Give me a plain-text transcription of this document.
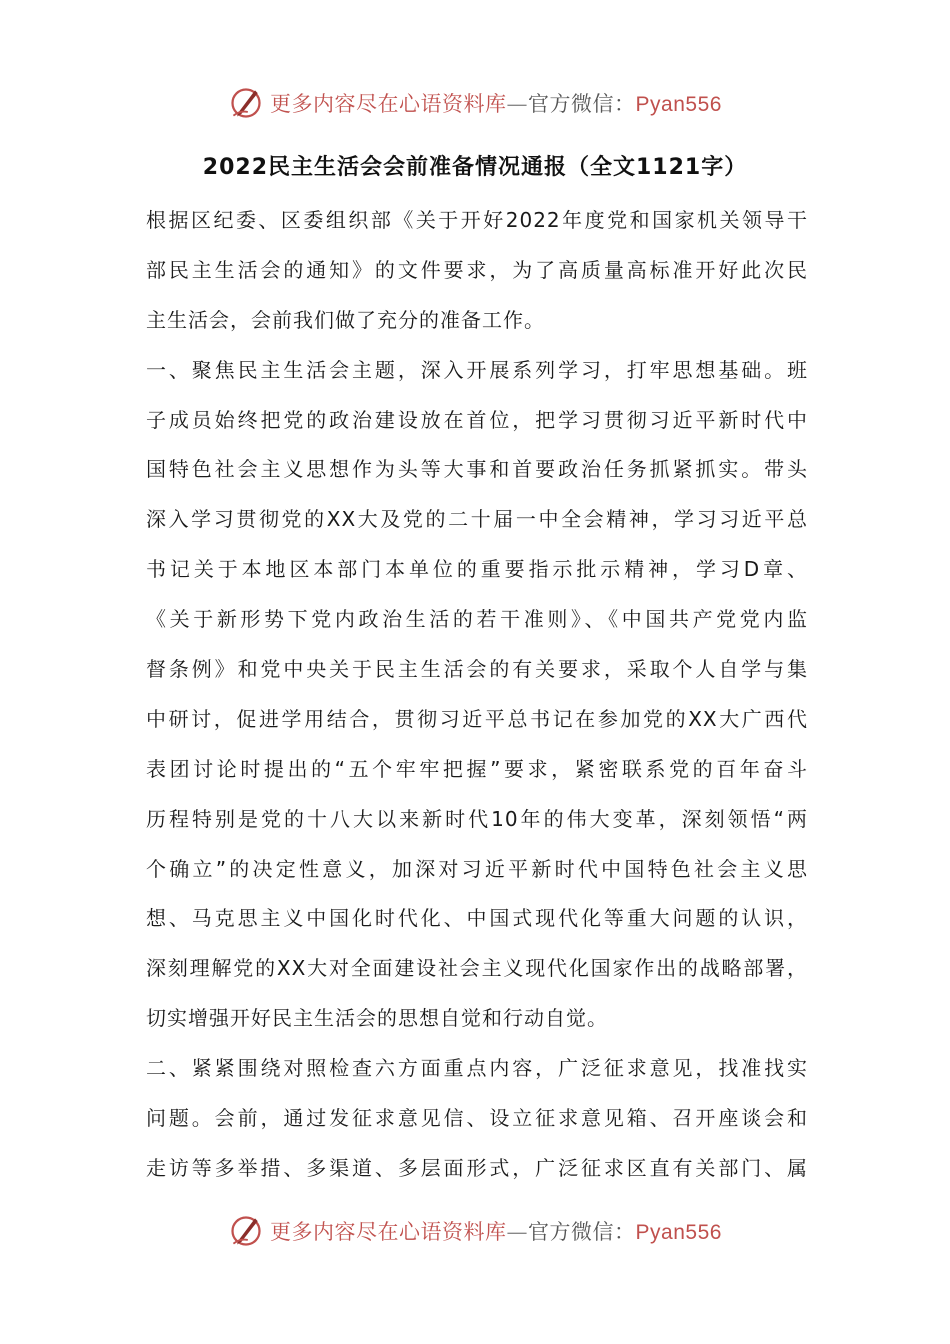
更多内容尽在心语资料库—官方微信：Pyan556
2022民主生活会会前准备情况通报（全文1121字）
根据区纪委、区委组织部《关于开好2022年度党和国家机关领导干
部民主生活会的通知》的文件要求，为了高质量高标准开好此次民
主生活会，会前我们做了充分的准备工作。
一、聚焦民主生活会主题，深入开展系列学习，打牢思想基础。班
子成员始终把党的政治建设放在首位，把学习贯彻习近平新时代中
国特色社会主义思想作为头等大事和首要政治任务抓紧抓实。带头
深入学习贯彻党的XX大及党的二十届一中全会精神，学习习近平总
书记关于本地区本部门本单位的重要指示批示精神，学习D章、
《关于新形势下党内政治生活的若干准则》、《中国共产党党内监
督条例》和党中央关于民主生活会的有关要求，采取个人自学与集
中研讨，促进学用结合，贯彻习近平总书记在参加党的XX大广西代
表团讨论时提出的“五个牢牢把握”要求，紧密联系党的百年奋斗
历程特别是党的十八大以来新时代10年的伟大变革，深刻领悟“两
个确立”的决定性意义，加深对习近平新时代中国特色社会主义思
想、马克思主义中国化时代化、中国式现代化等重大问题的认识，
深刻理解党的XX大对全面建设社会主义现代化国家作出的战略部署，
切实增强开好民主生活会的思想自觉和行动自觉。
二、紧紧围绕对照检查六方面重点内容，广泛征求意见，找准找实
问题。会前，通过发征求意见信、设立征求意见箱、召开座谈会和
走访等多举措、多渠道、多层面形式，广泛征求区直有关部门、属
更多内容尽在心语资料库—官方微信：Pyan556
